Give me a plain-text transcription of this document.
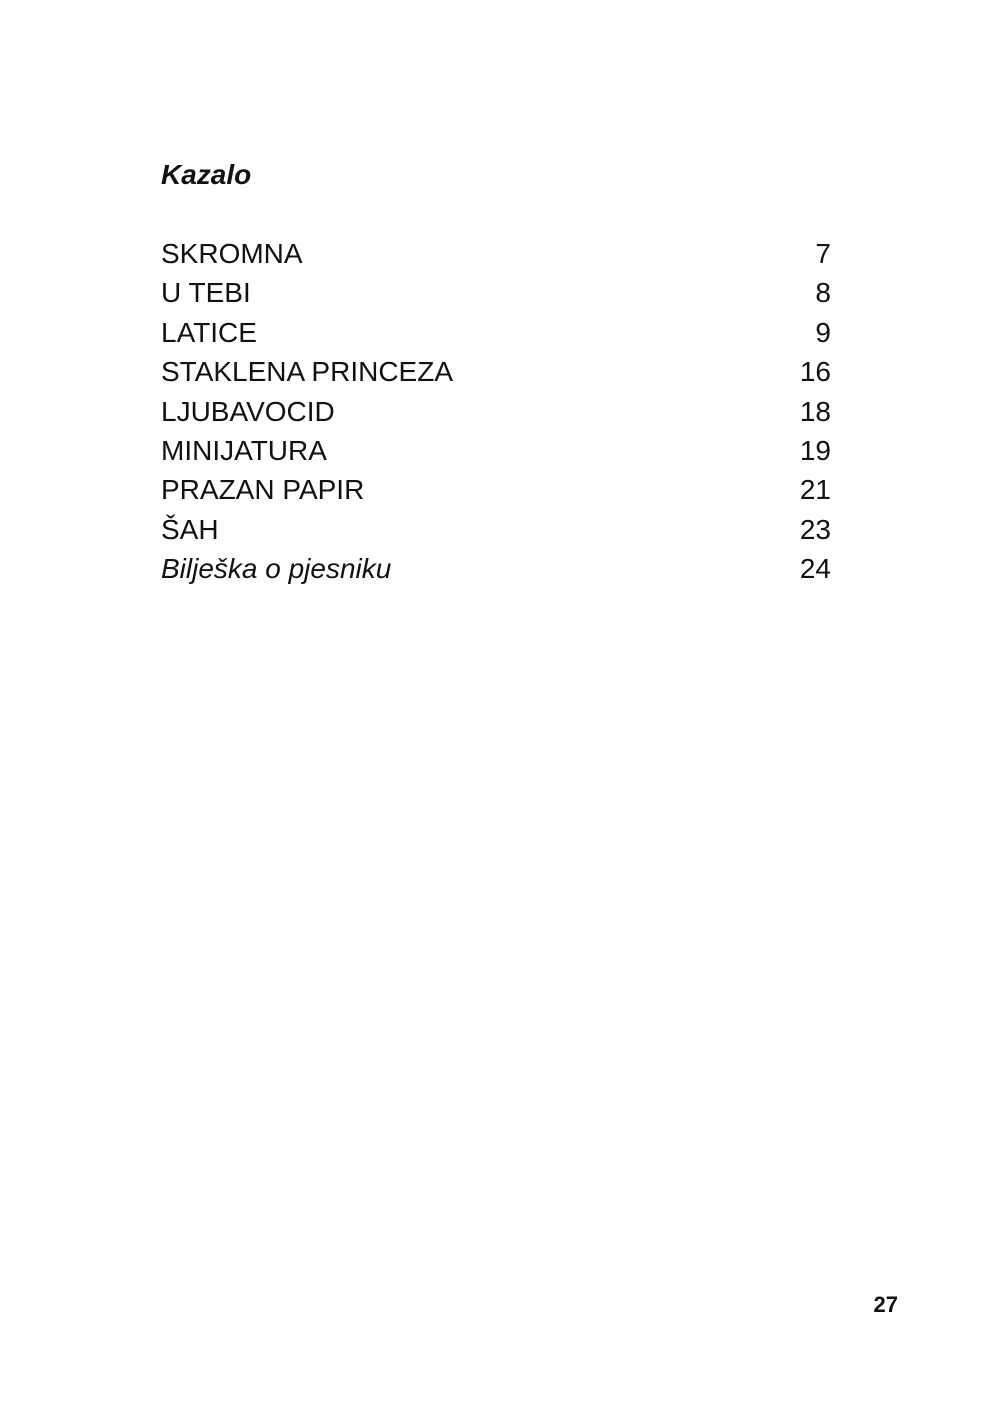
Kazalo
SKROMNA	7
U TEBI	8
LATICE	9
STAKLENA PRINCEZA	16
LJUBAVOCID	18
MINIJATURA	19
PRAZAN PAPIR	21
ŠAH	23
Bilješka o pjesniku	24
27
